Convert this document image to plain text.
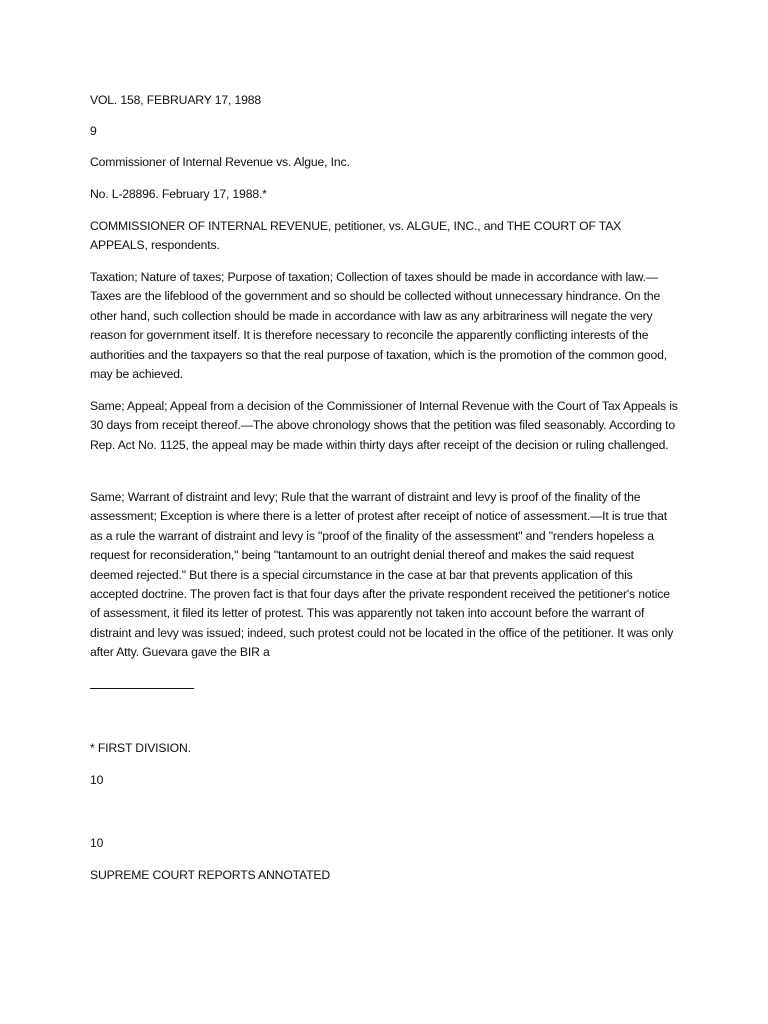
VOL. 158, FEBRUARY 17, 1988
9
Commissioner of Internal Revenue vs. Algue, Inc.
No. L-28896. February 17, 1988.*
COMMISSIONER OF INTERNAL REVENUE, petitioner, vs. ALGUE, INC., and THE COURT OF TAX APPEALS, respondents.
Taxation; Nature of taxes; Purpose of taxation; Collection of taxes should be made in accordance with law.—Taxes are the lifeblood of the government and so should be collected without unnecessary hindrance. On the other hand, such collection should be made in accordance with law as any arbitrariness will negate the very reason for government itself. It is therefore necessary to reconcile the apparently conflicting interests of the authorities and the taxpayers so that the real purpose of taxation, which is the promotion of the common good, may be achieved.
Same; Appeal; Appeal from a decision of the Commissioner of Internal Revenue with the Court of Tax Appeals is 30 days from receipt thereof.—The above chronology shows that the petition was filed seasonably. According to Rep. Act No. 1125, the appeal may be made within thirty days after receipt of the decision or ruling challenged.
Same; Warrant of distraint and levy; Rule that the warrant of distraint and levy is proof of the finality of the assessment; Exception is where there is a letter of protest after receipt of notice of assessment.—It is true that as a rule the warrant of distraint and levy is "proof of the finality of the assessment" and "renders hopeless a request for reconsideration," being "tantamount to an outright denial thereof and makes the said request deemed rejected." But there is a special circumstance in the case at bar that prevents application of this accepted doctrine. The proven fact is that four days after the private respondent received the petitioner's notice of assessment, it filed its letter of protest. This was apparently not taken into account before the warrant of distraint and levy was issued; indeed, such protest could not be located in the office of the petitioner. It was only after Atty. Guevara gave the BIR a
* FIRST DIVISION.
10
10
SUPREME COURT REPORTS ANNOTATED
